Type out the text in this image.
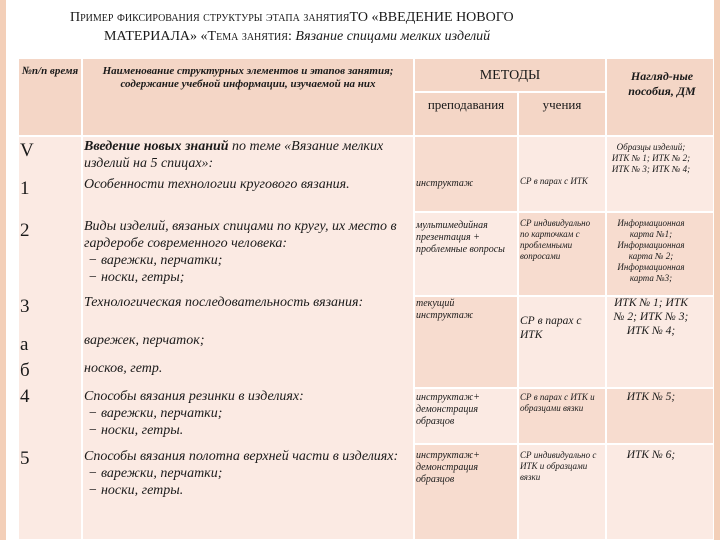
Пример фиксирования структуры этапа занятияТО «ВВЕДЕНИЕ НОВОГО
МАТЕРИАЛА» «Тема занятия: Вязание спицами мелких изделий
№п/п время	Наименование структурных элементов и этапов занятия; содержание учебной информации, изучаемой на них
МЕТОДЫ
преподавания	учения
Нагляд-ные пособия, ДМ
V
1
2
3
а
б
4
5
Введение новых знаний по теме «Вязание мелких изделий на 5 спицах»:
Особенности технологии кругового вязания.
Виды изделий, вязаных спицами по кругу, их место в гардеробе современного человека:
− варежки, перчатки;
− носки, гетры;
Технологическая последовательность вязания:
варежек, перчаток;
носков, гетр.
Способы вязания резинки в изделиях:
− варежки, перчатки;
− носки, гетры.
Способы вязания полотна верхней части в изделиях:
− варежки, перчатки;
− носки, гетры.
инструктаж
мультимедийная презентация + проблемные вопросы
текущий инструктаж
инструктаж+ демонстрация образцов
инструктаж+ демонстрация образцов
СР в парах с ИТК
СР индивидуально по карточкам с проблемными вопросами
СР в парах с ИТК
СР в парах с ИТК и образцами вязки
СР индивидуально с ИТК и образцами вязки
Образцы изделий; ИТК № 1; ИТК № 2; ИТК № 3; ИТК № 4;
Информационная карта №1; Информационная карта № 2; Информационная карта №3;
ИТК № 1; ИТК № 2; ИТК № 3; ИТК № 4;
ИТК № 5;
ИТК № 6;
